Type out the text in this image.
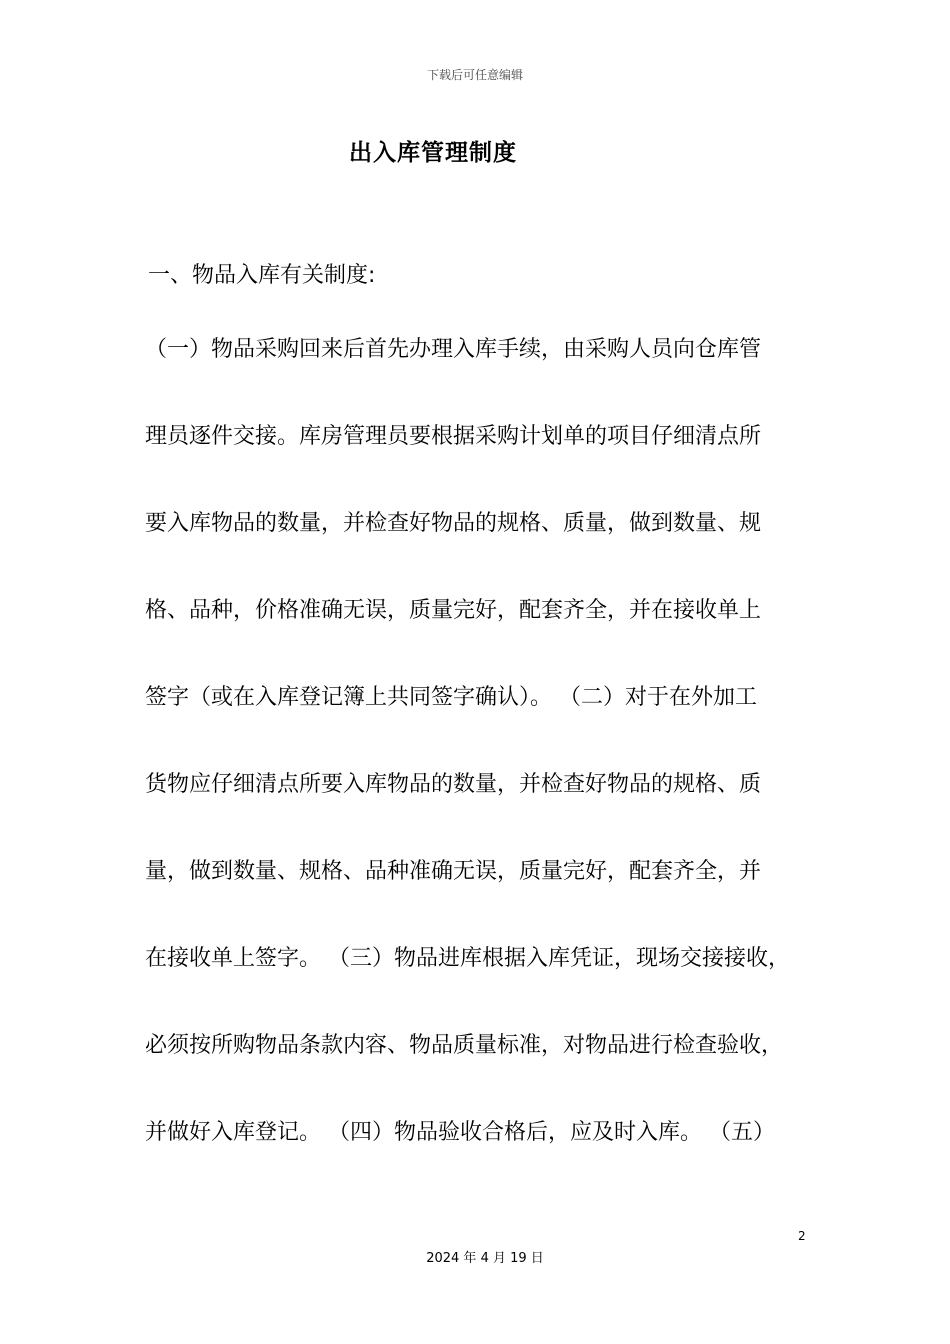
下载后可任意编辑
出入库管理制度
一、物品入库有关制度:
（一）物品采购回来后首先办理入库手续，由采购人员向仓库管
理员逐件交接。库房管理员要根据采购计划单的项目仔细清点所
要入库物品的数量，并检查好物品的规格、质量，做到数量、规
格、品种，价格准确无误，质量完好，配套齐全，并在接收单上
签字（或在入库登记簿上共同签字确认）。 （二）对于在外加工
货物应仔细清点所要入库物品的数量，并检查好物品的规格、质
量，做到数量、规格、品种准确无误，质量完好，配套齐全，并
在接收单上签字。 （三）物品进库根据入库凭证，现场交接接收，
必须按所购物品条款内容、物品质量标准，对物品进行检查验收，
并做好入库登记。 （四）物品验收合格后，应及时入库。 （五）
2
2024 年 4 月 19 日
